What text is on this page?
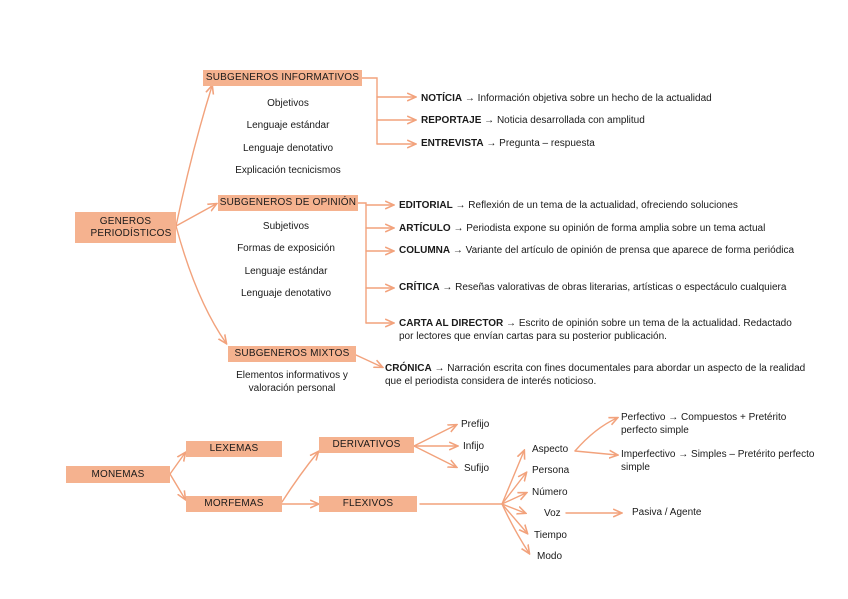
GENEROS PERIODÍSTICOS
SUBGENEROS INFORMATIVOS
Objetivos
Lenguaje estándar
Lenguaje denotativo
Explicación tecnicismos
NOTÍCIA → Información objetiva sobre un hecho de la actualidad
REPORTAJE → Noticia desarrollada con amplitud
ENTREVISTA → Pregunta – respuesta
SUBGENEROS DE OPINIÓN
Subjetivos
Formas de exposición
Lenguaje estándar
Lenguaje denotativo
EDITORIAL → Reflexión de un tema de la actualidad, ofreciendo soluciones
ARTÍCULO → Periodista expone su opinión de forma amplia sobre un tema actual
COLUMNA → Variante del artículo de opinión de prensa que aparece de forma periódica
CRÍTICA → Reseñas valorativas de obras literarias, artísticas o espectáculo cualquiera
CARTA AL DIRECTOR → Escrito de opinión sobre un tema de la actualidad. Redactado por lectores que envían cartas para su posterior publicación.
SUBGENEROS MIXTOS
Elementos informativos y valoración personal
CRÓNICA → Narración escrita con fines documentales para abordar un aspecto de la realidad que el periodista considera de interés noticioso.
MONEMAS
LEXEMAS
MORFEMAS
DERIVATIVOS
FLEXIVOS
Prefijo
Infijo
Sufijo
Aspecto
Persona
Número
Voz
Tiempo
Modo
Perfectivo → Compuestos + Pretérito perfecto simple
Imperfectivo → Simples – Pretérito perfecto simple
Pasiva / Agente
